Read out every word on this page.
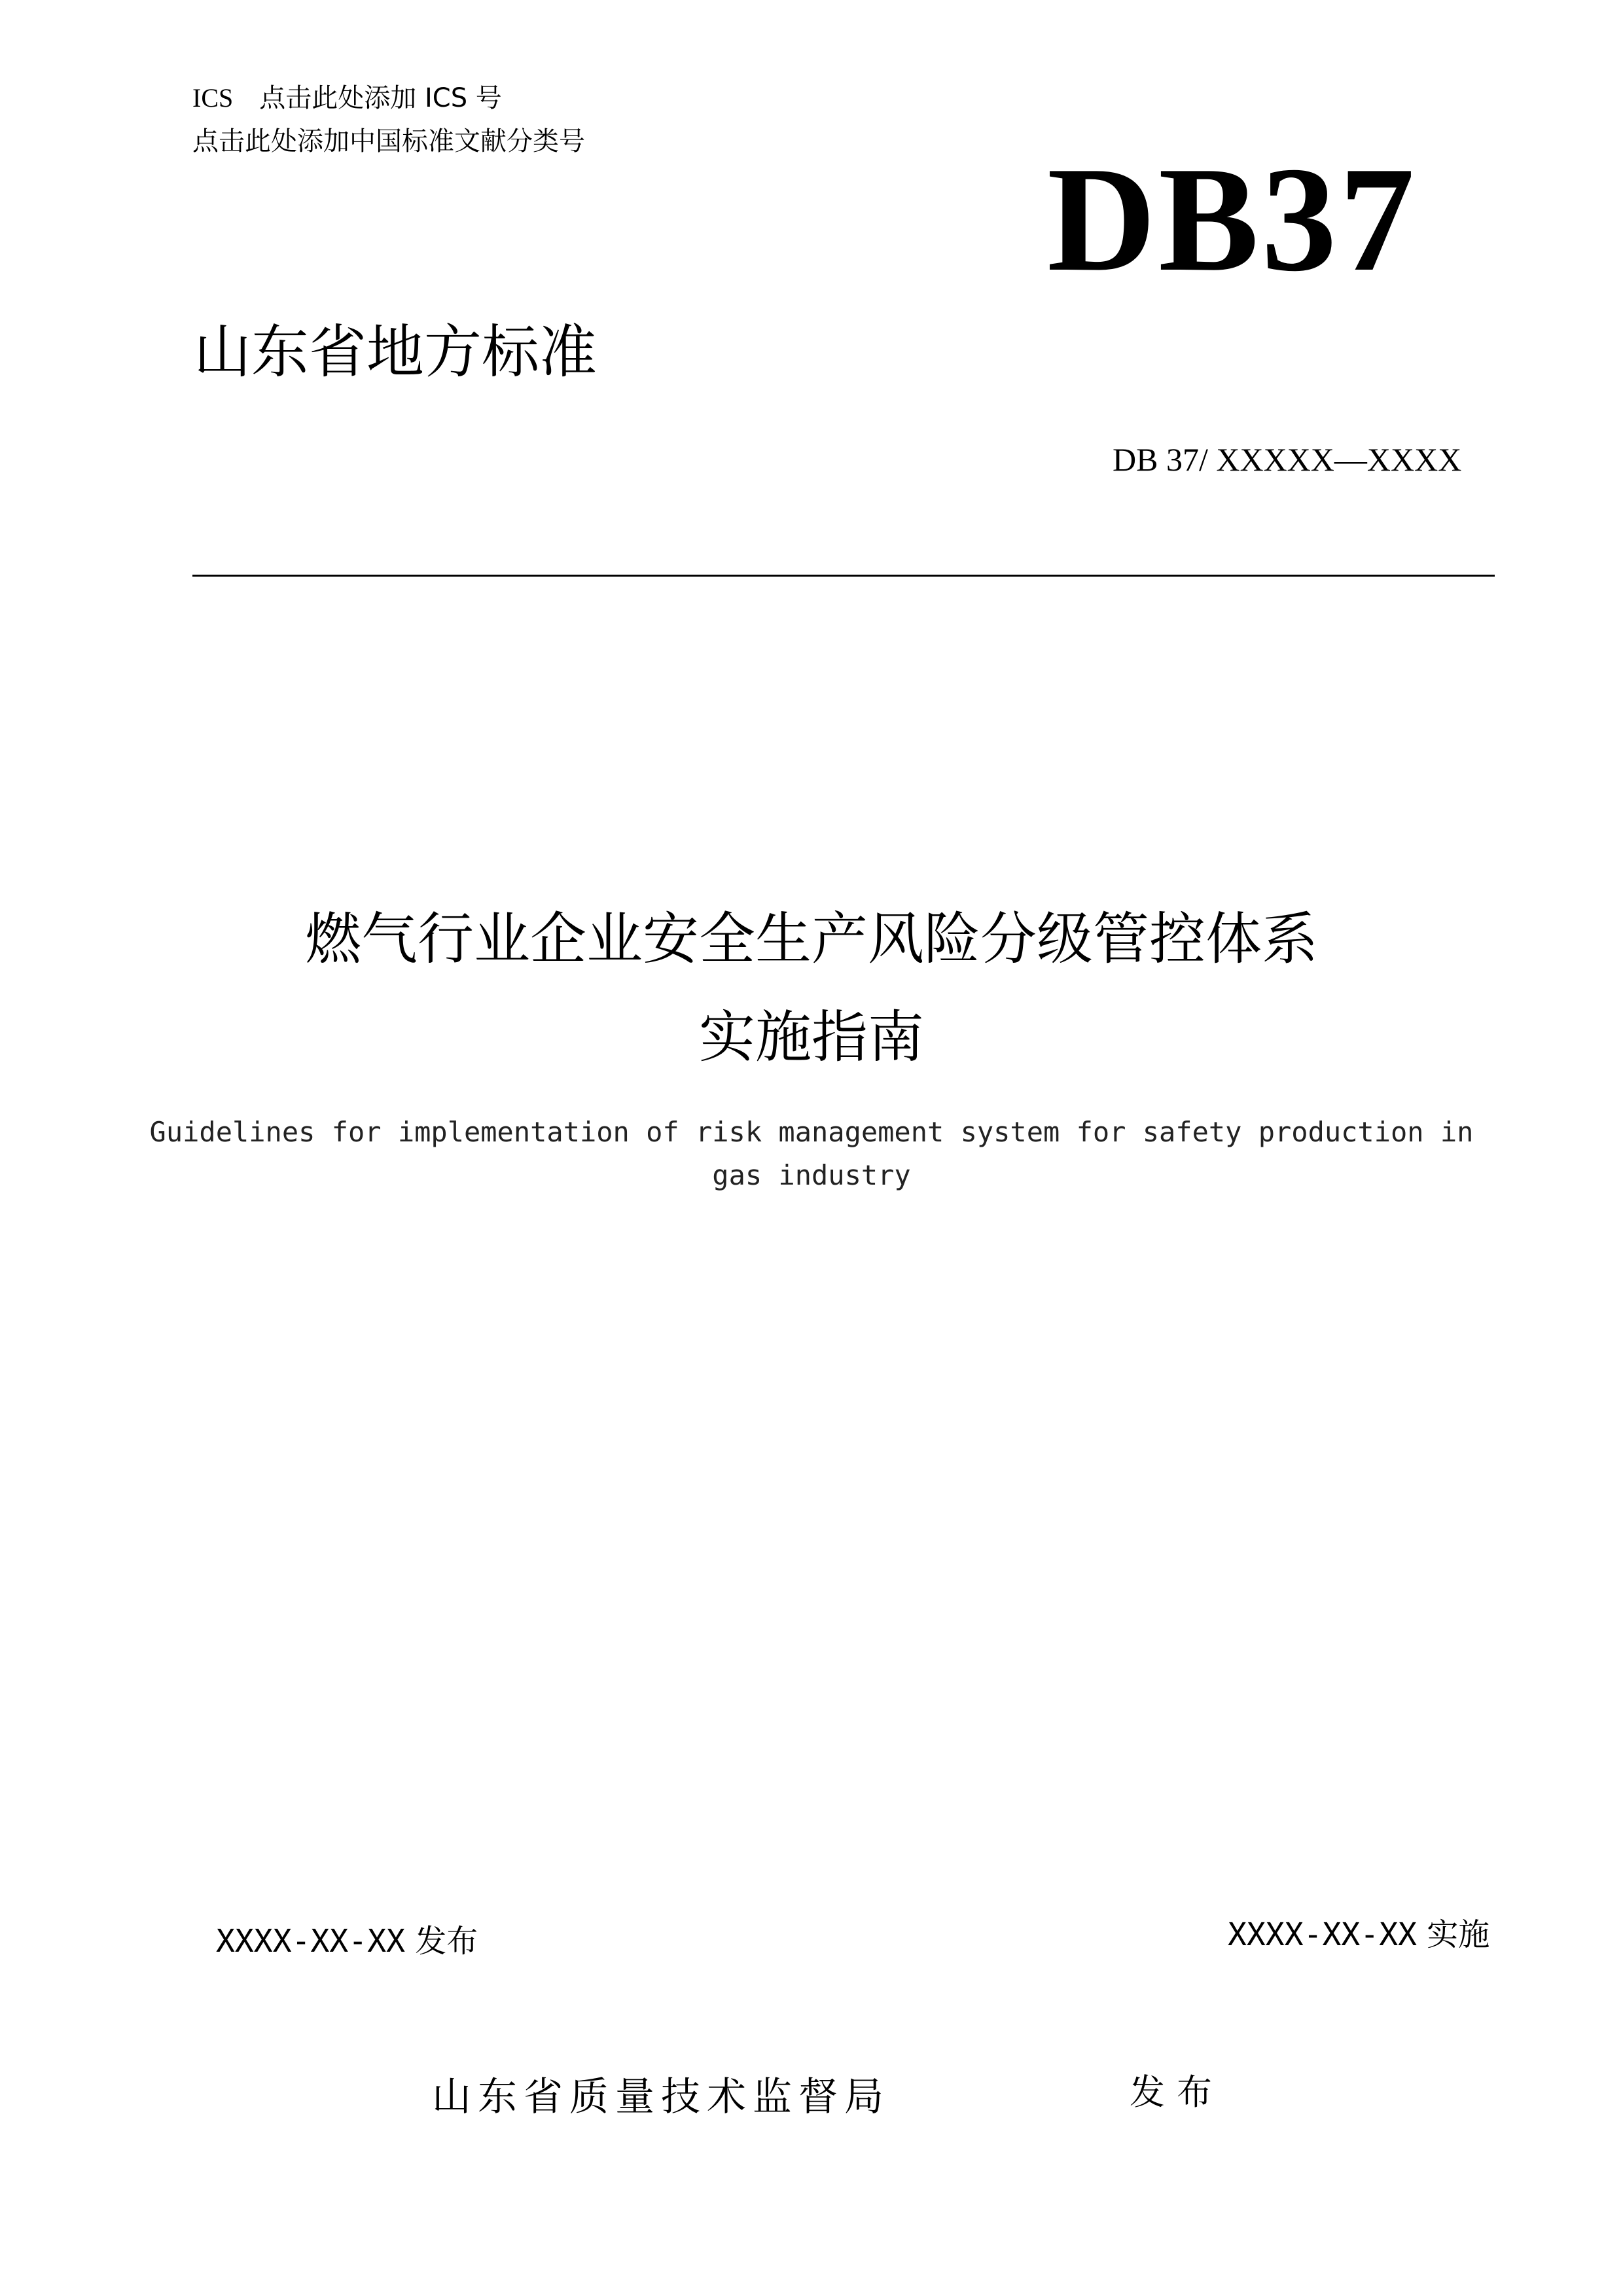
ICS 点击此处添加 ICS 号
点击此处添加中国标准文献分类号	DB37
山东省地方标准
DB 37/ XXXXX—XXXX
燃气行业企业安全生产风险分级管控体系
实施指南
Guidelines for implementation of risk management system for safety production in
gas industry
XXXX-XX-XX 发布	XXXX-XX-XX 实施
山东省质量技术监督局	发布
